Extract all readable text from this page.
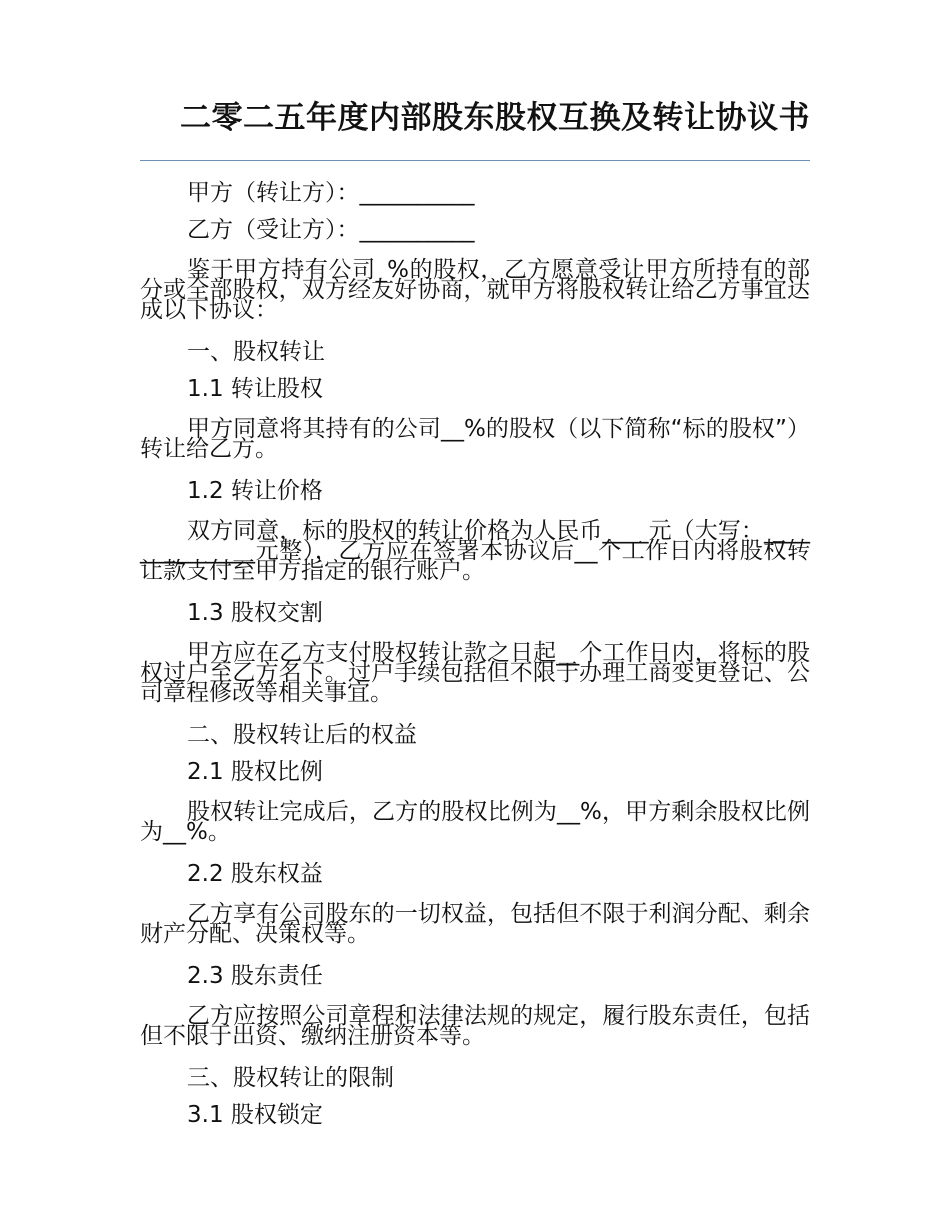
二零二五年度内部股东股权互换及转让协议书

甲方（转让方）：__________

乙方（受让方）：__________

鉴于甲方持有公司_%的股权，乙方愿意受让甲方所持有的部分或全部股权，双方经友好协商，就甲方将股权转让给乙方事宜达成以下协议：

一、股权转让

1.1 转让股权

甲方同意将其持有的公司__%的股权（以下简称“标的股权”）转让给乙方。

1.2 转让价格

双方同意，标的股权的转让价格为人民币____元（大写：______________元整），乙方应在签署本协议后__个工作日内将股权转让款支付至甲方指定的银行账户。

1.3 股权交割

甲方应在乙方支付股权转让款之日起__个工作日内，将标的股权过户至乙方名下。过户手续包括但不限于办理工商变更登记、公司章程修改等相关事宜。

二、股权转让后的权益

2.1 股权比例

股权转让完成后，乙方的股权比例为__%，甲方剩余股权比例为__%。

2.2 股东权益

乙方享有公司股东的一切权益，包括但不限于利润分配、剩余财产分配、决策权等。

2.3 股东责任

乙方应按照公司章程和法律法规的规定，履行股东责任，包括但不限于出资、缴纳注册资本等。

三、股权转让的限制

3.1 股权锁定
